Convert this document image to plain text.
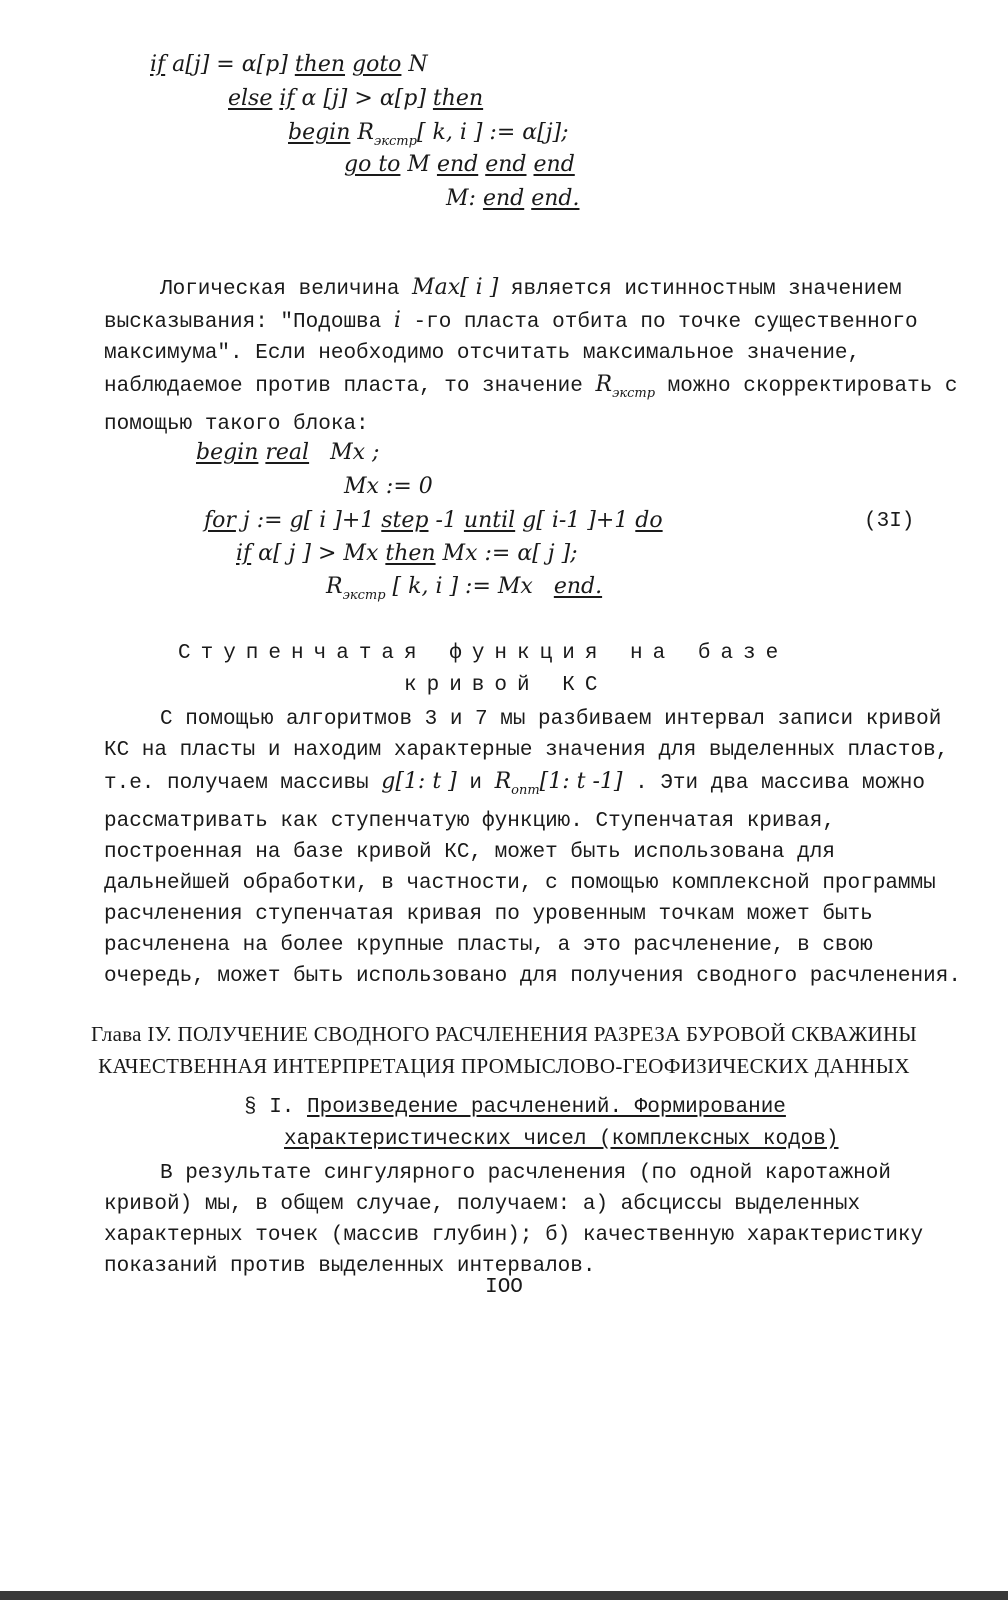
if a[j] = α[p] then goto N
else if α [j] > α[p] then
begin $R_{экстр}$[ k, i ] := α[j];
go to M end end end
M: end end.

Логическая величина Max[ i ] является истинностным значением высказывания: "Подошва i -го пласта отбита по точке существенного максимума". Если необходимо отсчитать максимальное значение, наблюдаемое против пласта, то значение $R_{экстр}$ можно скорректировать с помощью такого блока:

begin real Mx ;
Mx := 0
for j := g[ i ]+1 step -1 until g[ i-1 ]+1 do	(3I)
if α[ j ] > Mx then Mx := α[ j ];
$R_{экстр}$ [ k, i ] := Mx   end.
Ступенчатая функция на базе
кривой КС

С помощью алгоритмов 3 и 7 мы разбиваем интервал записи кривой КС на пласты и находим характерные значения для выделенных пластов, т.е. получаем массивы g[1: t ] и $R_{опт}[1$: t -1] . Эти два массива можно рассматривать как ступенчатую функцию. Ступенчатая кривая, построенная на базе кривой КС, может быть использована для дальнейшей обработки, в частности, с помощью комплексной программы расчленения ступенчатая кривая по уровенным точкам может быть расчленена на более крупные пласты, а это расчленение, в свою очередь, может быть использовано для получения сводного расчленения.

Глава IУ. ПОЛУЧЕНИЕ СВОДНОГО РАСЧЛЕНЕНИЯ РАЗРЕЗА БУРОВОЙ СКВАЖИНЫ
КАЧЕСТВЕННАЯ ИНТЕРПРЕТАЦИЯ ПРОМЫСЛОВО-ГЕОФИЗИЧЕСКИХ ДАННЫХ
§ I. Произведение расчленений. Формирование
характеристических чисел (комплексных кодов)

В результате сингулярного расчленения (по одной каротажной кривой) мы, в общем случае, получаем: а) абсциссы выделенных характерных точек (массив глубин); б) качественную характеристику показаний против выделенных интервалов.

IOO
